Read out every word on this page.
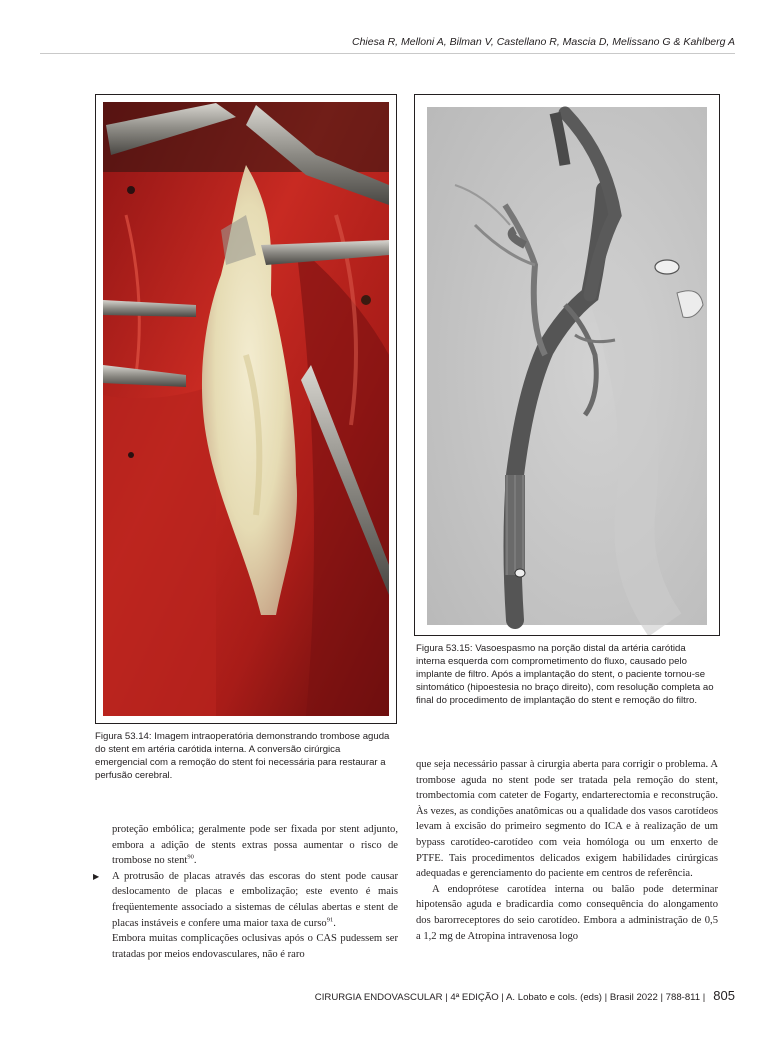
Chiesa R, Melloni A, Bilman V, Castellano R, Mascia D, Melissano G & Kahlberg A
Figura 53.14: Imagem intraoperatória demonstrando trombose aguda do stent em artéria carótida interna. A conversão cirúrgica emergencial com a remoção do stent foi necessária para restaurar a perfusão cerebral.
Figura 53.15: Vasoespasmo na porção distal da artéria carótida interna esquerda com comprometimento do fluxo, causado pelo implante de filtro. Após a implantação do stent, o paciente tornou-se sintomático (hipoestesia no braço direito), com resolução completa ao final do procedimento de implantação do stent e remoção do filtro.

proteção embólica; geralmente pode ser fixada por stent adjunto, embora a adição de stents extras possa aumentar o risco de trombose no stent$^{90}$.

▶ A protrusão de placas através das escoras do stent pode causar deslocamento de placas e embolização; este evento é mais freqüentemente associado a sistemas de células abertas e stent de placas instáveis e confere uma maior taxa de curso$^{91}$.

Embora muitas complicações oclusivas após o CAS pudessem ser tratadas por meios endovasculares, não é raro

que seja necessário passar à cirurgia aberta para corrigir o problema. A trombose aguda no stent pode ser tratada pela remoção do stent, trombectomia com cateter de Fogarty, endarterectomia e reconstrução. Às vezes, as condições anatômicas ou a qualidade dos vasos carotídeos levam à excisão do primeiro segmento do ICA e à realização de um bypass carotídeo-carotídeo com veia homóloga ou um enxerto de PTFE. Tais procedimentos delicados exigem habilidades cirúrgicas adequadas e gerenciamento do paciente em centros de referência.

A endoprótese carotídea interna ou balão pode determinar hipotensão aguda e bradicardia como consequência do alongamento dos barorreceptores do seio carotídeo. Embora a administração de 0,5 a 1,2 mg de Atropina intravenosa logo

CIRURGIA ENDOVASCULAR | 4ª EDIÇÃO | A. Lobato e cols. (eds) | Brasil 2022 | 788-811 | 805
